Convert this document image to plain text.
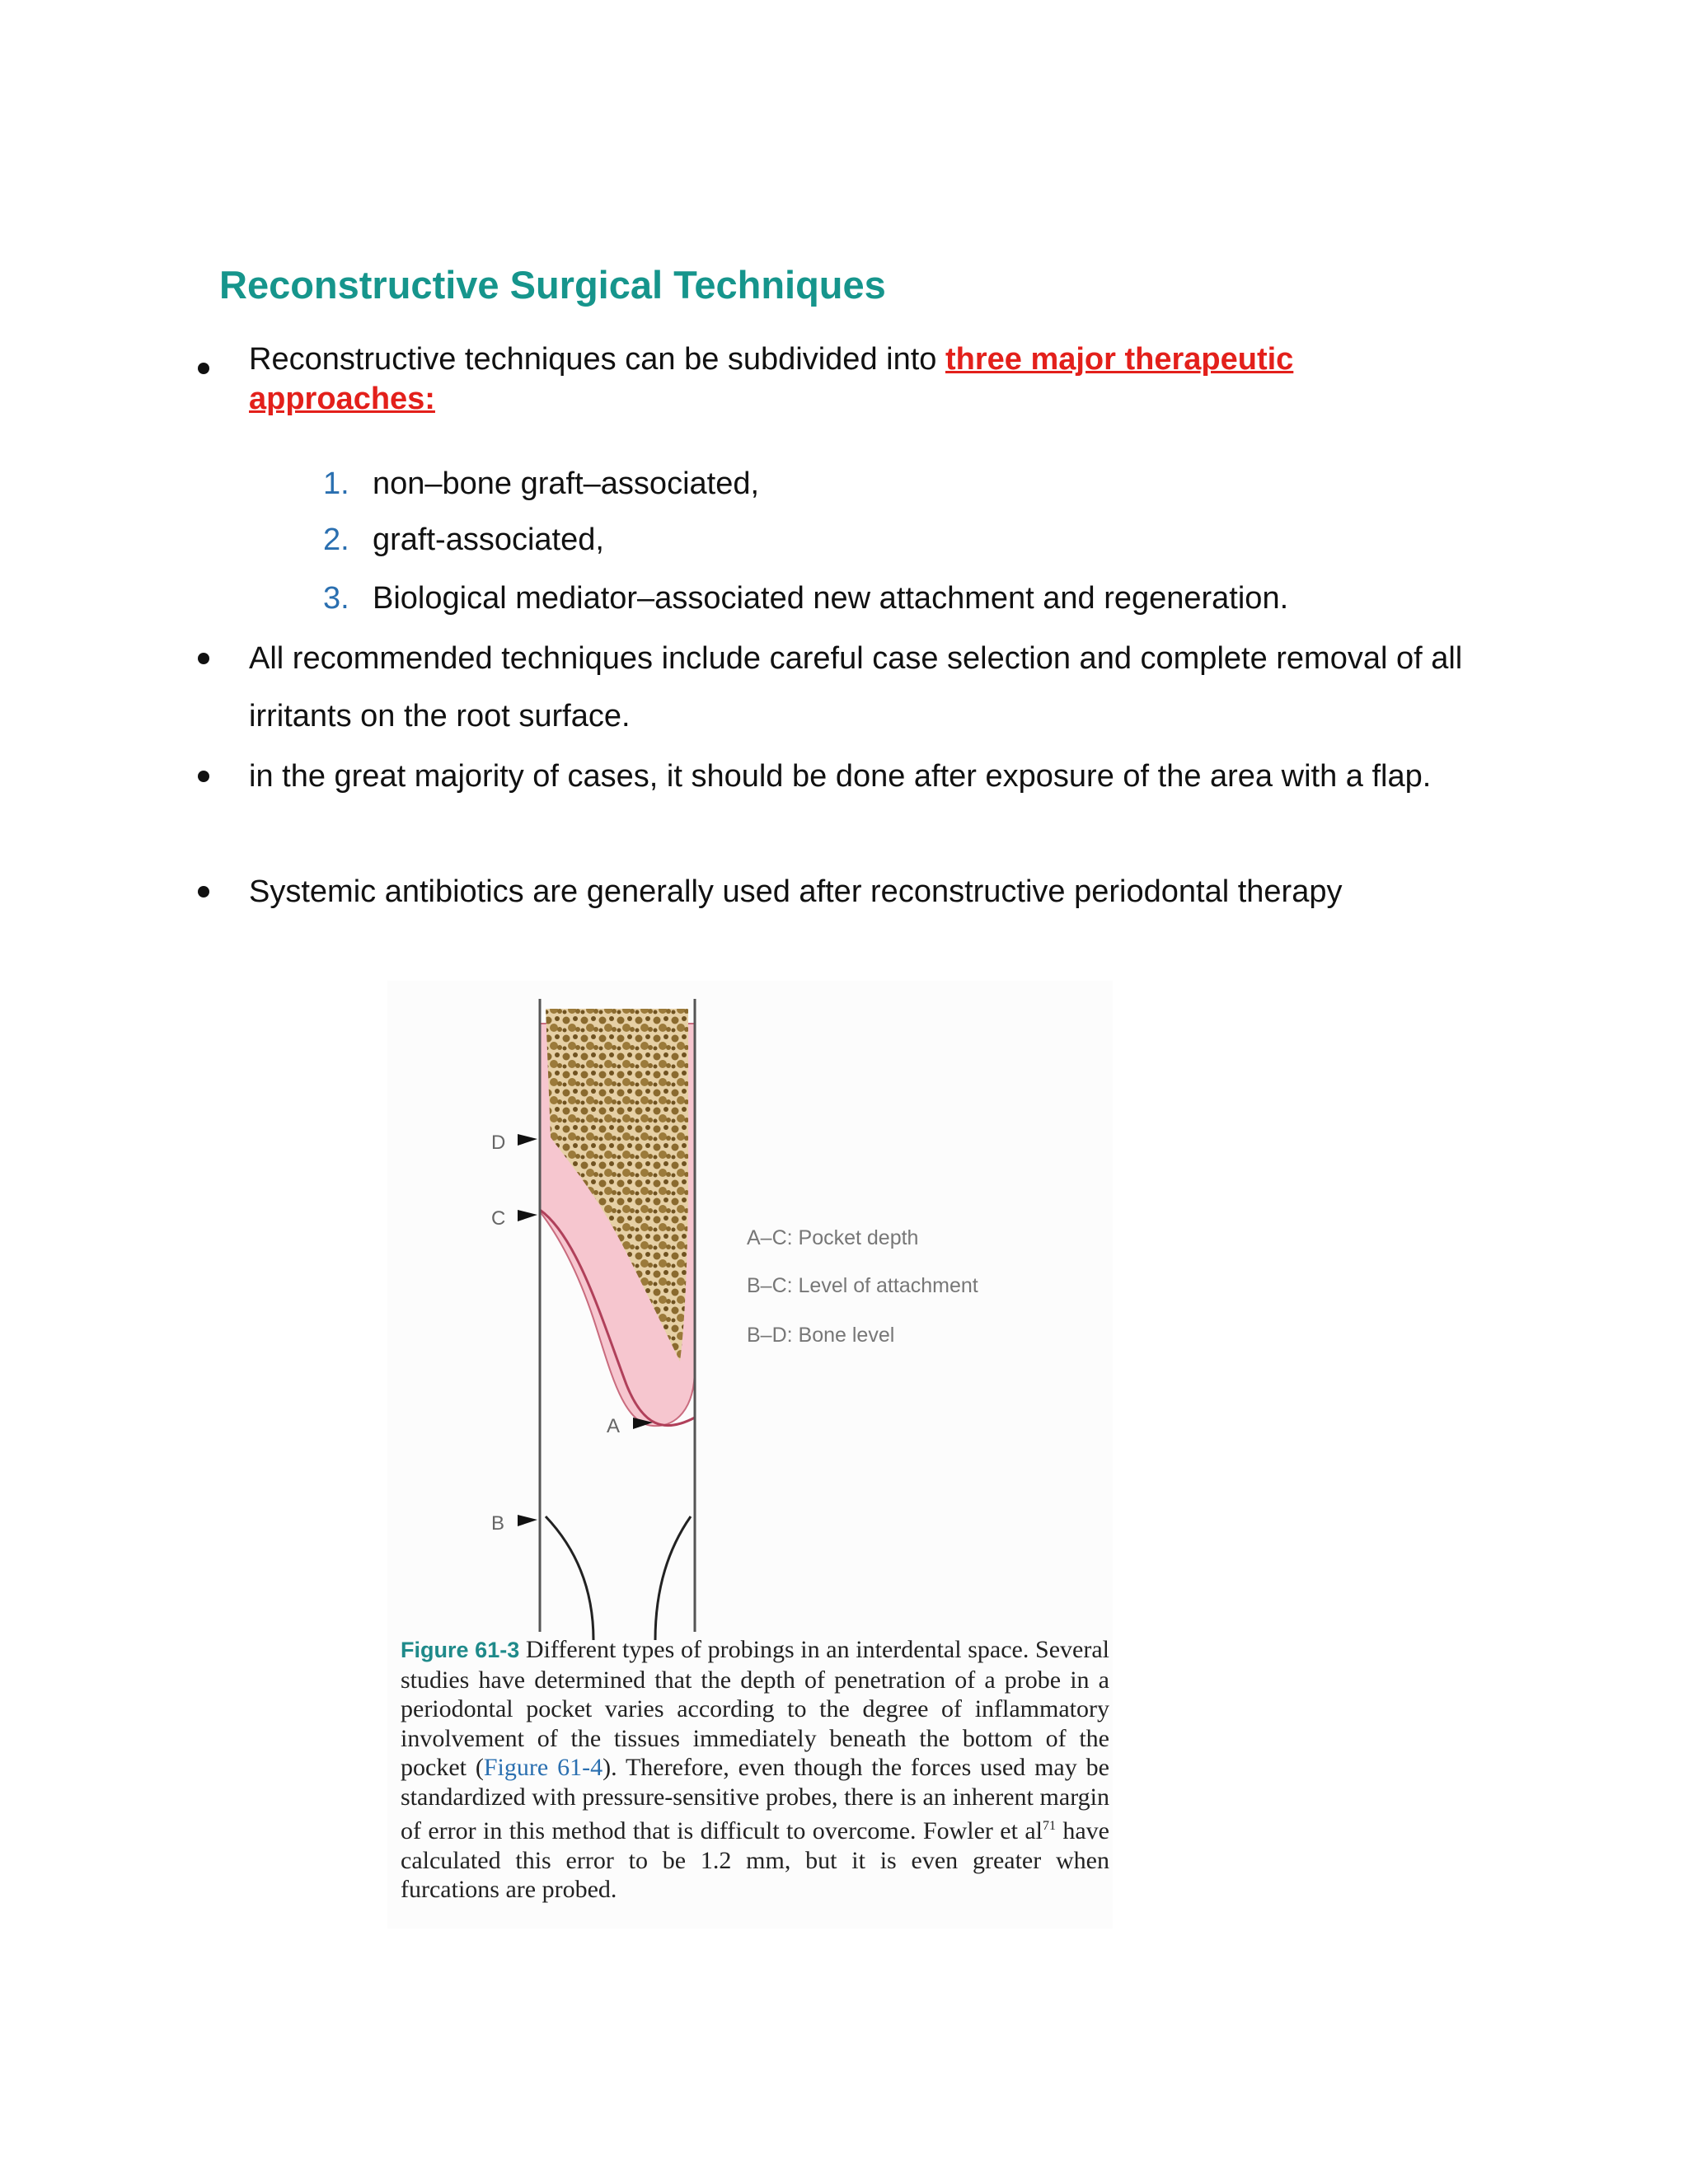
Reconstructive Surgical Techniques
Reconstructive techniques can be subdivided into three major therapeutic approaches:
1. non–bone graft–associated,
2. graft-associated,
3. Biological mediator–associated new attachment and regeneration.
All recommended techniques include careful case selection and complete removal of all irritants on the root surface.
in the great majority of cases, it should be done after exposure of the area with a flap.
Systemic antibiotics are generally used after reconstructive periodontal therapy
D
C
A
B
A–C: Pocket depth
B–C: Level of attachment
B–D: Bone level
Figure 61-3 Different types of probings in an interdental space. Several studies have determined that the depth of penetration of a probe in a periodontal pocket varies according to the degree of inflammatory involvement of the tissues immediately beneath the bottom of the pocket (Figure 61-4). Therefore, even though the forces used may be standardized with pressure-sensitive probes, there is an inherent margin of error in this method that is difficult to overcome. Fowler et $al^{71}$ have calculated this error to be 1.2 mm, but it is even greater when furcations are probed.
